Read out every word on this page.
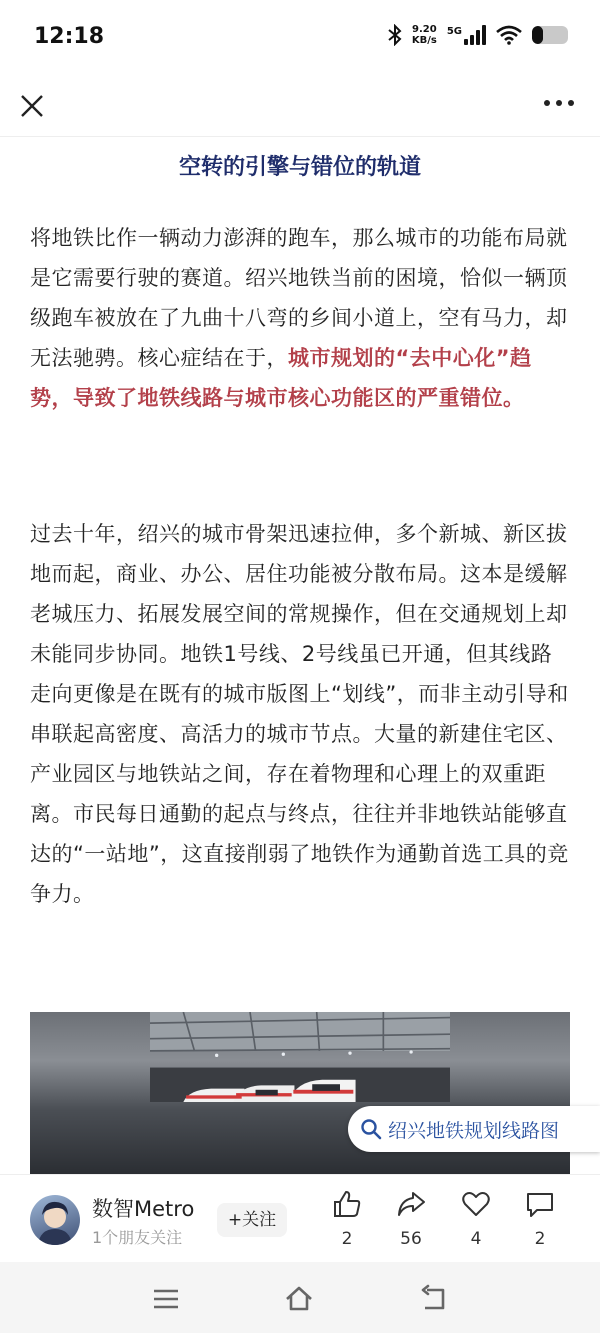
12:18	9.20
KB/s
5G
空转的引擎与错位的轨道
将地铁比作一辆动力澎湃的跑车，那么城市的功能布局就是它需要行驶的赛道。绍兴地铁当前的困境，恰似一辆顶级跑车被放在了九曲十八弯的乡间小道上，空有马力，却无法驰骋。核心症结在于，城市规划的“去中心化”趋势，导致了地铁线路与城市核心功能区的严重错位。
过去十年，绍兴的城市骨架迅速拉伸，多个新城、新区拔地而起，商业、办公、居住功能被分散布局。这本是缓解老城压力、拓展发展空间的常规操作，但在交通规划上却未能同步协同。地铁1号线、2号线虽已开通，但其线路走向更像是在既有的城市版图上“划线”，而非主动引导和串联起高密度、高活力的城市节点。大量的新建住宅区、产业园区与地铁站之间，存在着物理和心理上的双重距离。市民每日通勤的起点与终点，往往并非地铁站能够直达的“一站地”，这直接削弱了地铁作为通勤首选工具的竞争力。
绍兴地铁规划线路图
数智Metro
1个朋友关注
+关注
2	56	4	2
